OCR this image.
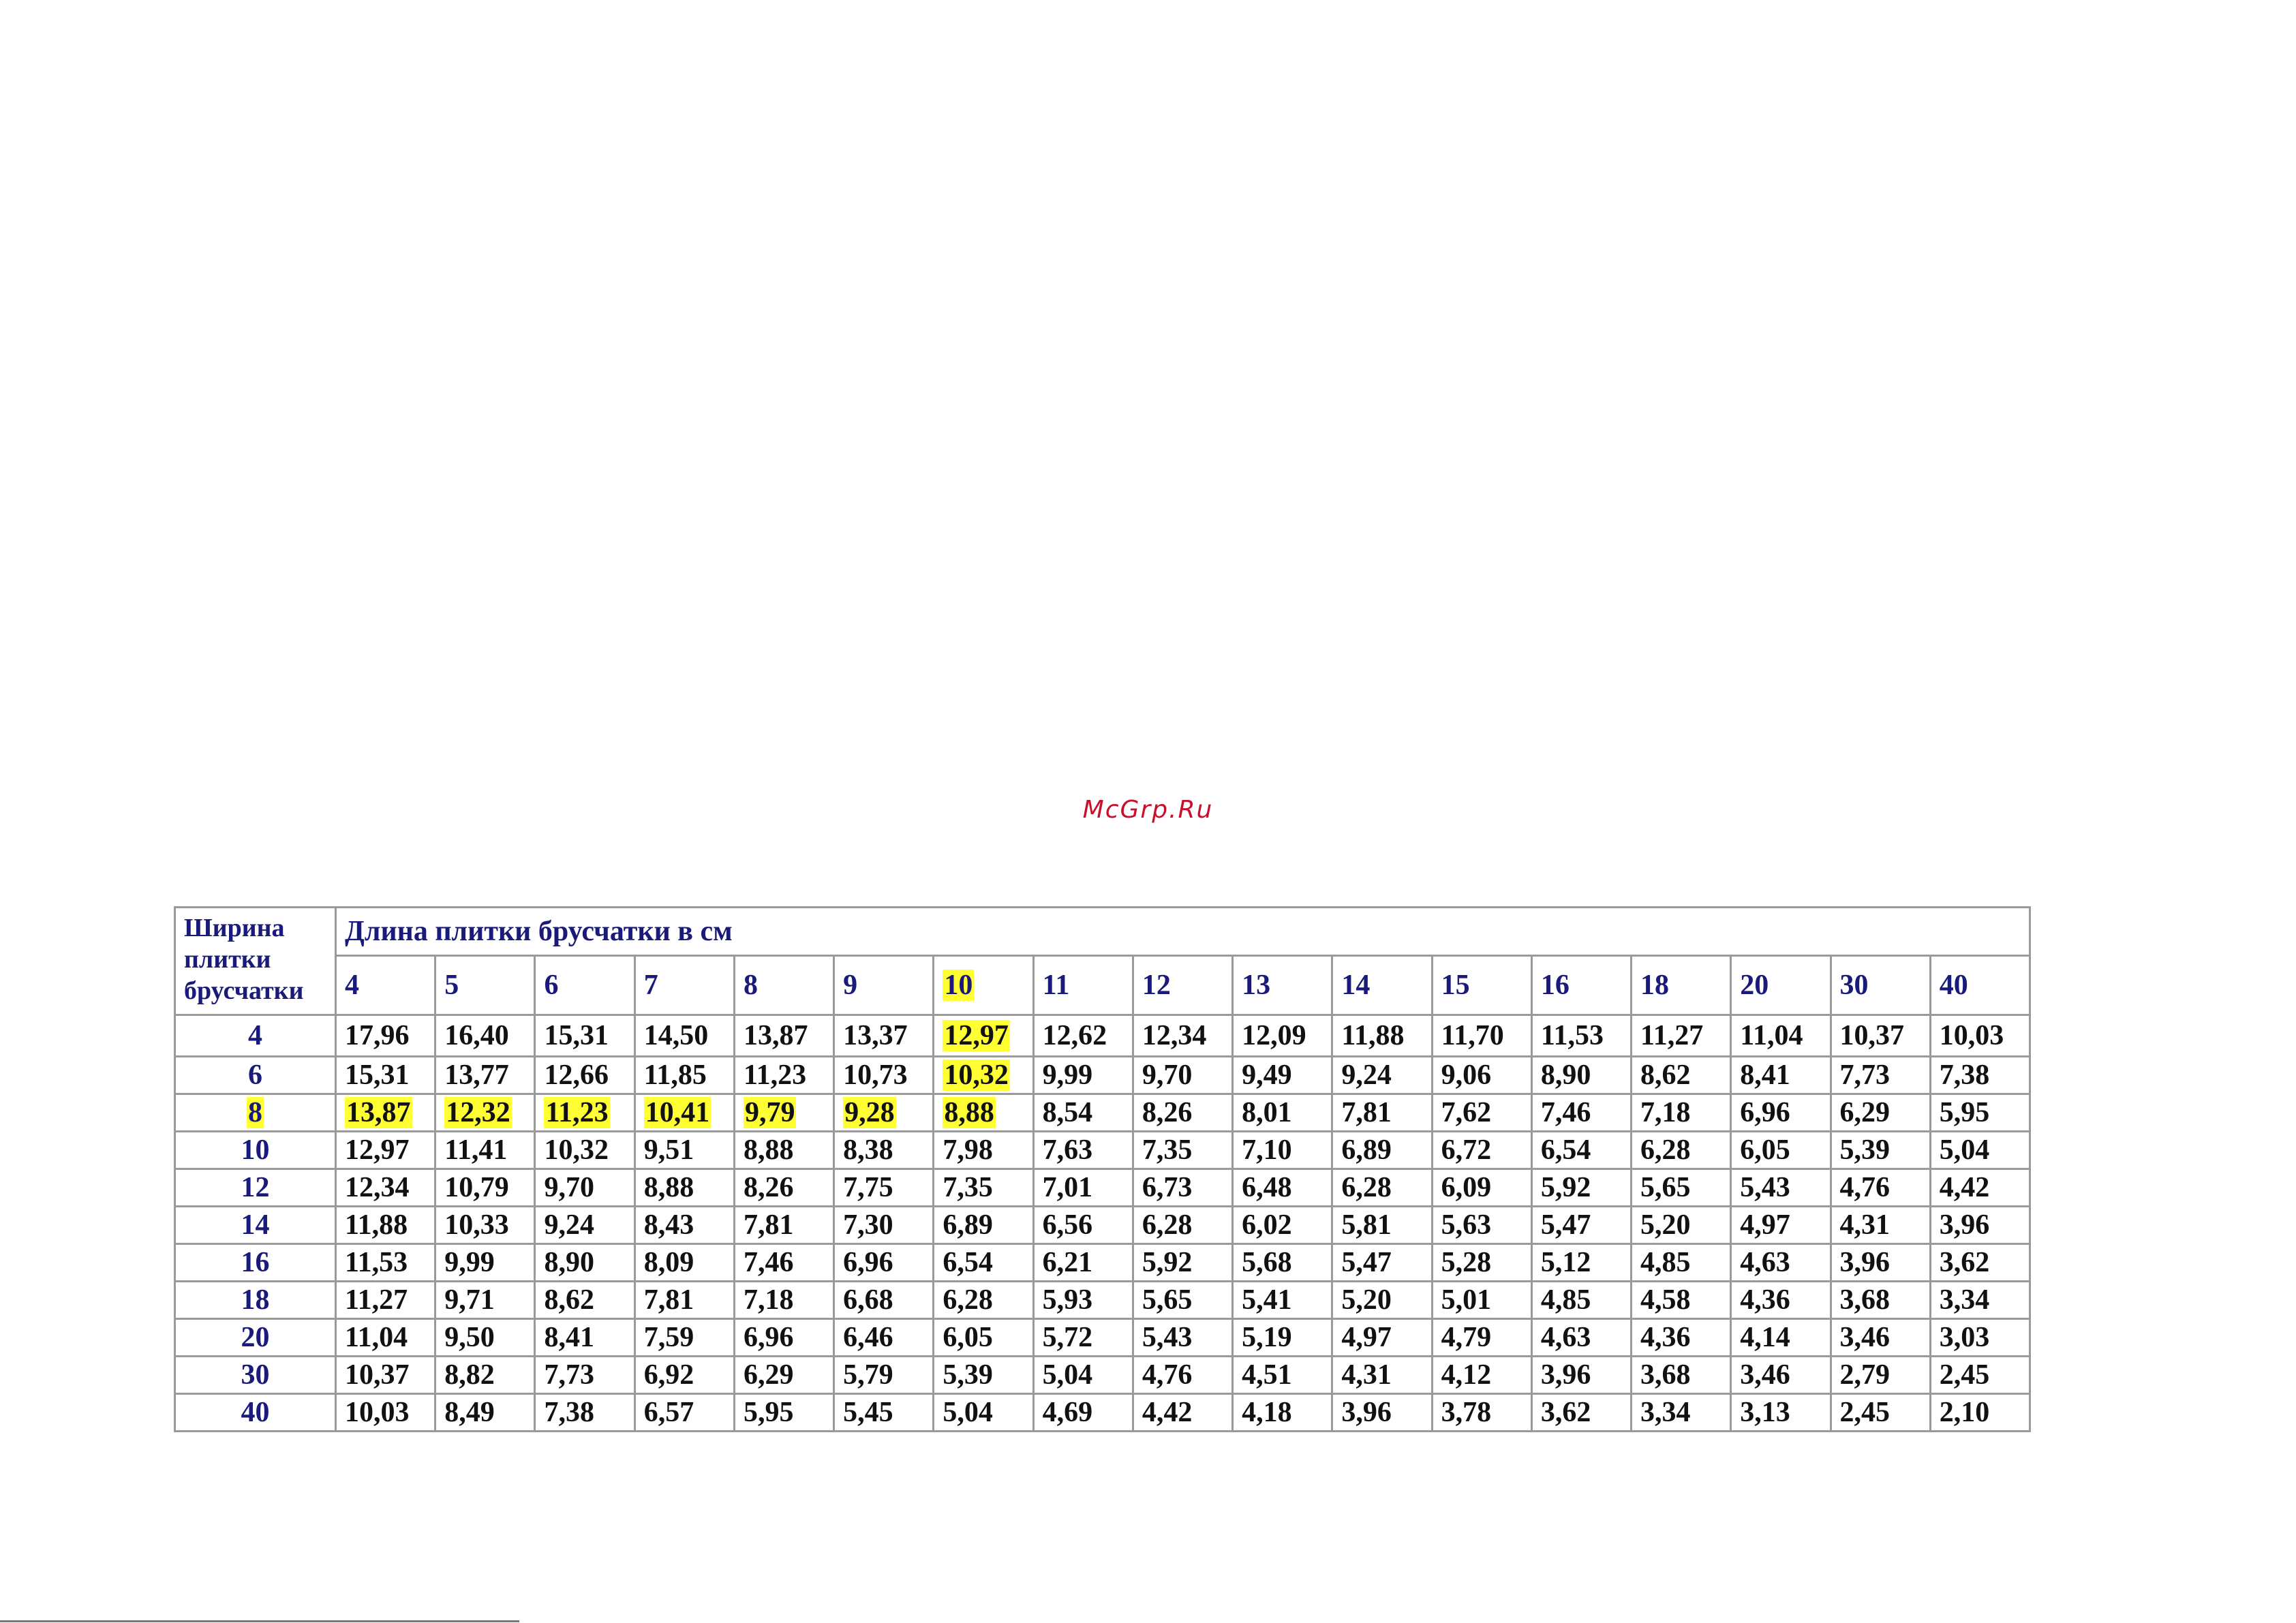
McGrp.Ru
Ширина плитки брусчатки	Длина плитки брусчатки в см																
	4	5	6	7	8	9	10	11	12	13	14	15	16	18	20	30	40
4	17,96	16,40	15,31	14,50	13,87	13,37	12,97	12,62	12,34	12,09	11,88	11,70	11,53	11,27	11,04	10,37	10,03
6	15,31	13,77	12,66	11,85	11,23	10,73	10,32	9,99	9,70	9,49	9,24	9,06	8,90	8,62	8,41	7,73	7,38
8	13,87	12,32	11,23	10,41	9,79	9,28	8,88	8,54	8,26	8,01	7,81	7,62	7,46	7,18	6,96	6,29	5,95
10	12,97	11,41	10,32	9,51	8,88	8,38	7,98	7,63	7,35	7,10	6,89	6,72	6,54	6,28	6,05	5,39	5,04
12	12,34	10,79	9,70	8,88	8,26	7,75	7,35	7,01	6,73	6,48	6,28	6,09	5,92	5,65	5,43	4,76	4,42
14	11,88	10,33	9,24	8,43	7,81	7,30	6,89	6,56	6,28	6,02	5,81	5,63	5,47	5,20	4,97	4,31	3,96
16	11,53	9,99	8,90	8,09	7,46	6,96	6,54	6,21	5,92	5,68	5,47	5,28	5,12	4,85	4,63	3,96	3,62
18	11,27	9,71	8,62	7,81	7,18	6,68	6,28	5,93	5,65	5,41	5,20	5,01	4,85	4,58	4,36	3,68	3,34
20	11,04	9,50	8,41	7,59	6,96	6,46	6,05	5,72	5,43	5,19	4,97	4,79	4,63	4,36	4,14	3,46	3,03
30	10,37	8,82	7,73	6,92	6,29	5,79	5,39	5,04	4,76	4,51	4,31	4,12	3,96	3,68	3,46	2,79	2,45
40	10,03	8,49	7,38	6,57	5,95	5,45	5,04	4,69	4,42	4,18	3,96	3,78	3,62	3,34	3,13	2,45	2,10
